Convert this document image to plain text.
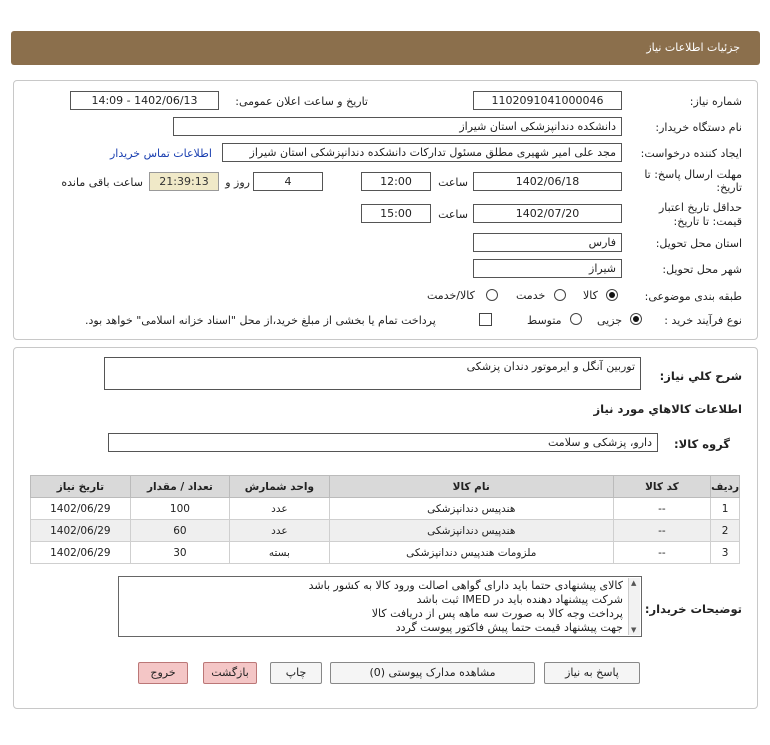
جزئیات اطلاعات نیاز
شماره نیاز:
1102091041000046
تاریخ و ساعت اعلان عمومی:
1402/06/13 - 14:09
نام دستگاه خریدار:
دانشکده دندانپزشکی استان شیراز
ایجاد کننده درخواست:
مجد علی امیر شهیری مطلق مسئول تدارکات دانشکده دندانپزشکی استان شیراز
اطلاعات تماس خریدار
مهلت ارسال پاسخ: تا
تاریخ:
1402/06/18
ساعت
12:00
4
روز و
21:39:13
ساعت باقی مانده
حداقل تاریخ اعتبار
قیمت: تا تاریخ:
1402/07/20
ساعت
15:00
استان محل تحویل:
فارس
شهر محل تحویل:
شیراز
طبقه بندی موضوعی:
کالا
خدمت
کالا/خدمت
نوع فرآیند خرید :
جزیی
متوسط
پرداخت تمام یا بخشی از مبلغ خرید،از محل "اسناد خزانه اسلامی" خواهد بود.
شرح کلي نياز:
توربین آنگل و ایرموتور دندان پزشکی
اطلاعات کالاهاي مورد نياز
گروه کالا:
دارو، پزشکی و سلامت
ردیف	کد کالا	نام کالا	واحد شمارش	تعداد / مقدار	تاریخ نیاز
1	--	هندپیس دندانپزشکی	عدد	100	1402/06/29
2	--	هندپیس دندانپزشکی	عدد	60	1402/06/29
3	--	ملزومات هندپیس دندانپزشکی	بسته	30	1402/06/29
توضیحات خریدار:
کالای پیشنهادی حتما باید دارای گواهی اصالت ورود کالا به کشور باشد
شرکت پیشنهاد دهنده باید در IMED ثبت باشد
پرداخت وجه کالا به صورت سه ماهه پس از دریافت کالا
جهت پیشنهاد قیمت حتما پیش فاکتور پیوست گردد
▲
▼
پاسخ به نیاز
مشاهده مدارک پیوستی (0)
چاپ
بازگشت
خروج
